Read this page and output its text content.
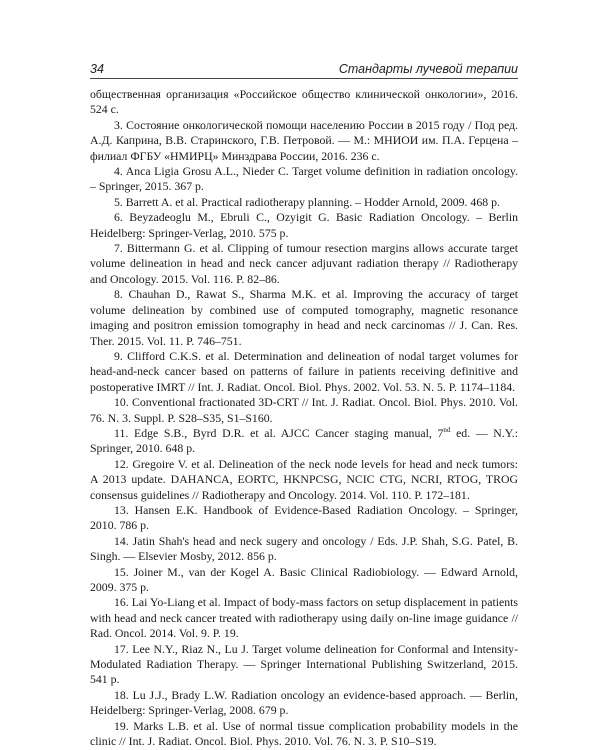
34	Стандарты лучевой терапии

общественная организация «Российское общество клинической онкологии», 2016. 524 с.

3. Состояние онкологической помощи населению России в 2015 году / Под ред. А.Д. Каприна, В.В. Старинского, Г.В. Петровой. — М.: МНИОИ им. П.А. Герцена – филиал ФГБУ «НМИРЦ» Минздрава России, 2016. 236 с.

4. Anca Ligia Grosu A.L., Nieder C. Target volume definition in radiation oncology. – Springer, 2015. 367 p.

5. Barrett A. et al. Practical radiotherapy planning. – Hodder Arnold, 2009. 468 p.

6. Beyzadeoglu M., Ebruli C., Ozyigit G. Basic Radiation Oncology. – Berlin Heidelberg: Springer-Verlag, 2010. 575 p.

7. Bittermann G. et al. Clipping of tumour resection margins allows accurate target volume delineation in head and neck cancer adjuvant radiation therapy // Radiotherapy and Oncology. 2015. Vol. 116. P. 82–86.

8. Chauhan D., Rawat S., Sharma M.K. et al. Improving the accuracy of target volume delineation by combined use of computed tomography, magnetic resonance imaging and positron emission tomography in head and neck carcinomas // J. Can. Res. Ther. 2015. Vol. 11. P. 746–751.

9. Clifford C.K.S. et al. Determination and delineation of nodal target volumes for head-and-neck cancer based on patterns of failure in patients receiving definitive and postoperative IMRT // Int. J. Radiat. Oncol. Biol. Phys. 2002. Vol. 53. N. 5. P. 1174–1184.

10. Conventional fractionated 3D-CRT // Int. J. Radiat. Oncol. Biol. Phys. 2010. Vol. 76. N. 3. Suppl. P. S28–S35, S1–S160.

11. Edge S.B., Byrd D.R. et al. AJCC Cancer staging manual, 7nd ed. — N.Y.: Springer, 2010. 648 p.

12. Gregoire V. et al. Delineation of the neck node levels for head and neck tumors: A 2013 update. DAHANCA, EORTC, HKNPCSG, NCIC CTG, NCRI, RTOG, TROG consensus guidelines // Radiotherapy and Oncology. 2014. Vol. 110. P. 172–181.

13. Hansen E.K. Handbook of Evidence-Based Radiation Oncology. – Springer, 2010. 786 p.

14. Jatin Shah's head and neck sugery and oncology / Eds. J.P. Shah, S.G. Patel, B. Singh. — Elsevier Mosby, 2012. 856 p.

15. Joiner M., van der Kogel A. Basic Clinical Radiobiology. — Edward Arnold, 2009. 375 p.

16. Lai Yo-Liang et al. Impact of body-mass factors on setup displacement in patients with head and neck cancer treated with radiotherapy using daily on-line image guidance // Rad. Oncol. 2014. Vol. 9. P. 19.

17. Lee N.Y., Riaz N., Lu J. Target volume delineation for Conformal and Intensity-Modulated Radiation Therapy. — Springer International Publishing Switzerland, 2015. 541 p.

18. Lu J.J., Brady L.W. Radiation oncology an evidence-based approach. — Berlin, Heidelberg: Springer-Verlag, 2008. 679 p.

19. Marks L.B. et al. Use of normal tissue complication probability models in the clinic // Int. J. Radiat. Oncol. Biol. Phys. 2010. Vol. 76. N. 3. P. S10–S19.
